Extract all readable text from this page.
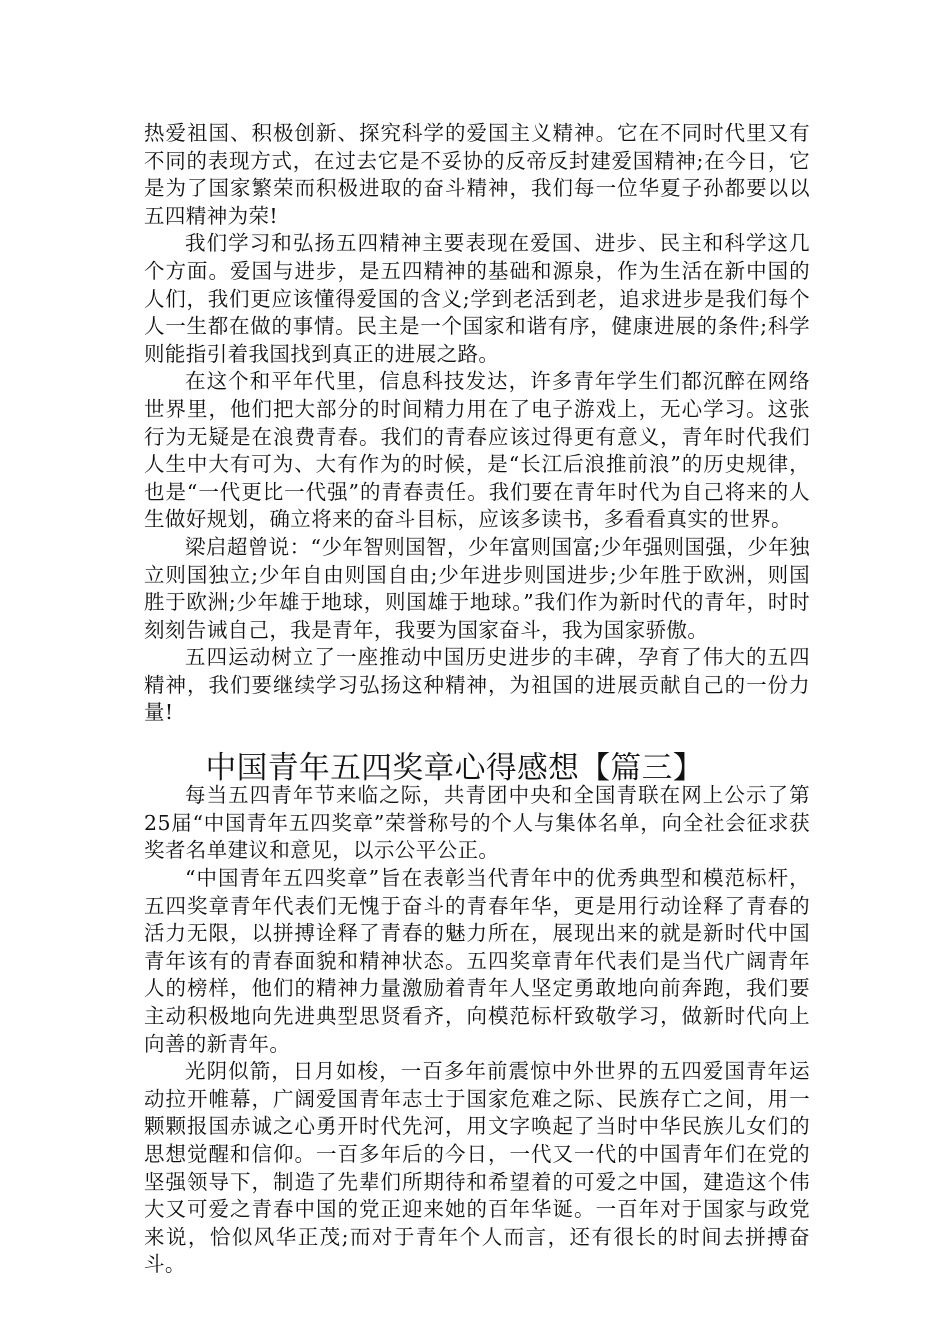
热爱祖国、积极创新、探究科学的爱国主义精神。它在不同时代里又有不同的表现方式，在过去它是不妥协的反帝反封建爱国精神;在今日，它是为了国家繁荣而积极进取的奋斗精神，我们每一位华夏子孙都要以以五四精神为荣!

我们学习和弘扬五四精神主要表现在爱国、进步、民主和科学这几个方面。爱国与进步，是五四精神的基础和源泉，作为生活在新中国的人们，我们更应该懂得爱国的含义;学到老活到老，追求进步是我们每个人一生都在做的事情。民主是一个国家和谐有序，健康进展的条件;科学则能指引着我国找到真正的进展之路。

在这个和平年代里，信息科技发达，许多青年学生们都沉醉在网络世界里，他们把大部分的时间精力用在了电子游戏上，无心学习。这张行为无疑是在浪费青春。我们的青春应该过得更有意义，青年时代我们人生中大有可为、大有作为的时候，是“长江后浪推前浪”的历史规律，也是“一代更比一代强”的青春责任。我们要在青年时代为自己将来的人生做好规划，确立将来的奋斗目标，应该多读书，多看看真实的世界。

梁启超曾说：“少年智则国智，少年富则国富;少年强则国强，少年独立则国独立;少年自由则国自由;少年进步则国进步;少年胜于欧洲，则国胜于欧洲;少年雄于地球，则国雄于地球。”我们作为新时代的青年，时时刻刻告诫自己，我是青年，我要为国家奋斗，我为国家骄傲。

五四运动树立了一座推动中国历史进步的丰碑，孕育了伟大的五四精神，我们要继续学习弘扬这种精神，为祖国的进展贡献自己的一份力量!

中国青年五四奖章心得感想【篇三】

每当五四青年节来临之际，共青团中央和全国青联在网上公示了第25届“中国青年五四奖章”荣誉称号的个人与集体名单，向全社会征求获奖者名单建议和意见，以示公平公正。

“中国青年五四奖章”旨在表彰当代青年中的优秀典型和模范标杆，五四奖章青年代表们无愧于奋斗的青春年华，更是用行动诠释了青春的活力无限，以拼搏诠释了青春的魅力所在，展现出来的就是新时代中国青年该有的青春面貌和精神状态。五四奖章青年代表们是当代广阔青年人的榜样，他们的精神力量激励着青年人坚定勇敢地向前奔跑，我们要主动积极地向先进典型思贤看齐，向模范标杆致敬学习，做新时代向上向善的新青年。

光阴似箭，日月如梭，一百多年前震惊中外世界的五四爱国青年运动拉开帷幕，广阔爱国青年志士于国家危难之际、民族存亡之间，用一颗颗报国赤诚之心勇开时代先河，用文字唤起了当时中华民族儿女们的思想觉醒和信仰。一百多年后的今日，一代又一代的中国青年们在党的坚强领导下，制造了先辈们所期待和希望着的可爱之中国，建造这个伟大又可爱之青春中国的党正迎来她的百年华诞。一百年对于国家与政党来说，恰似风华正茂;而对于青年个人而言，还有很长的时间去拼搏奋斗。
